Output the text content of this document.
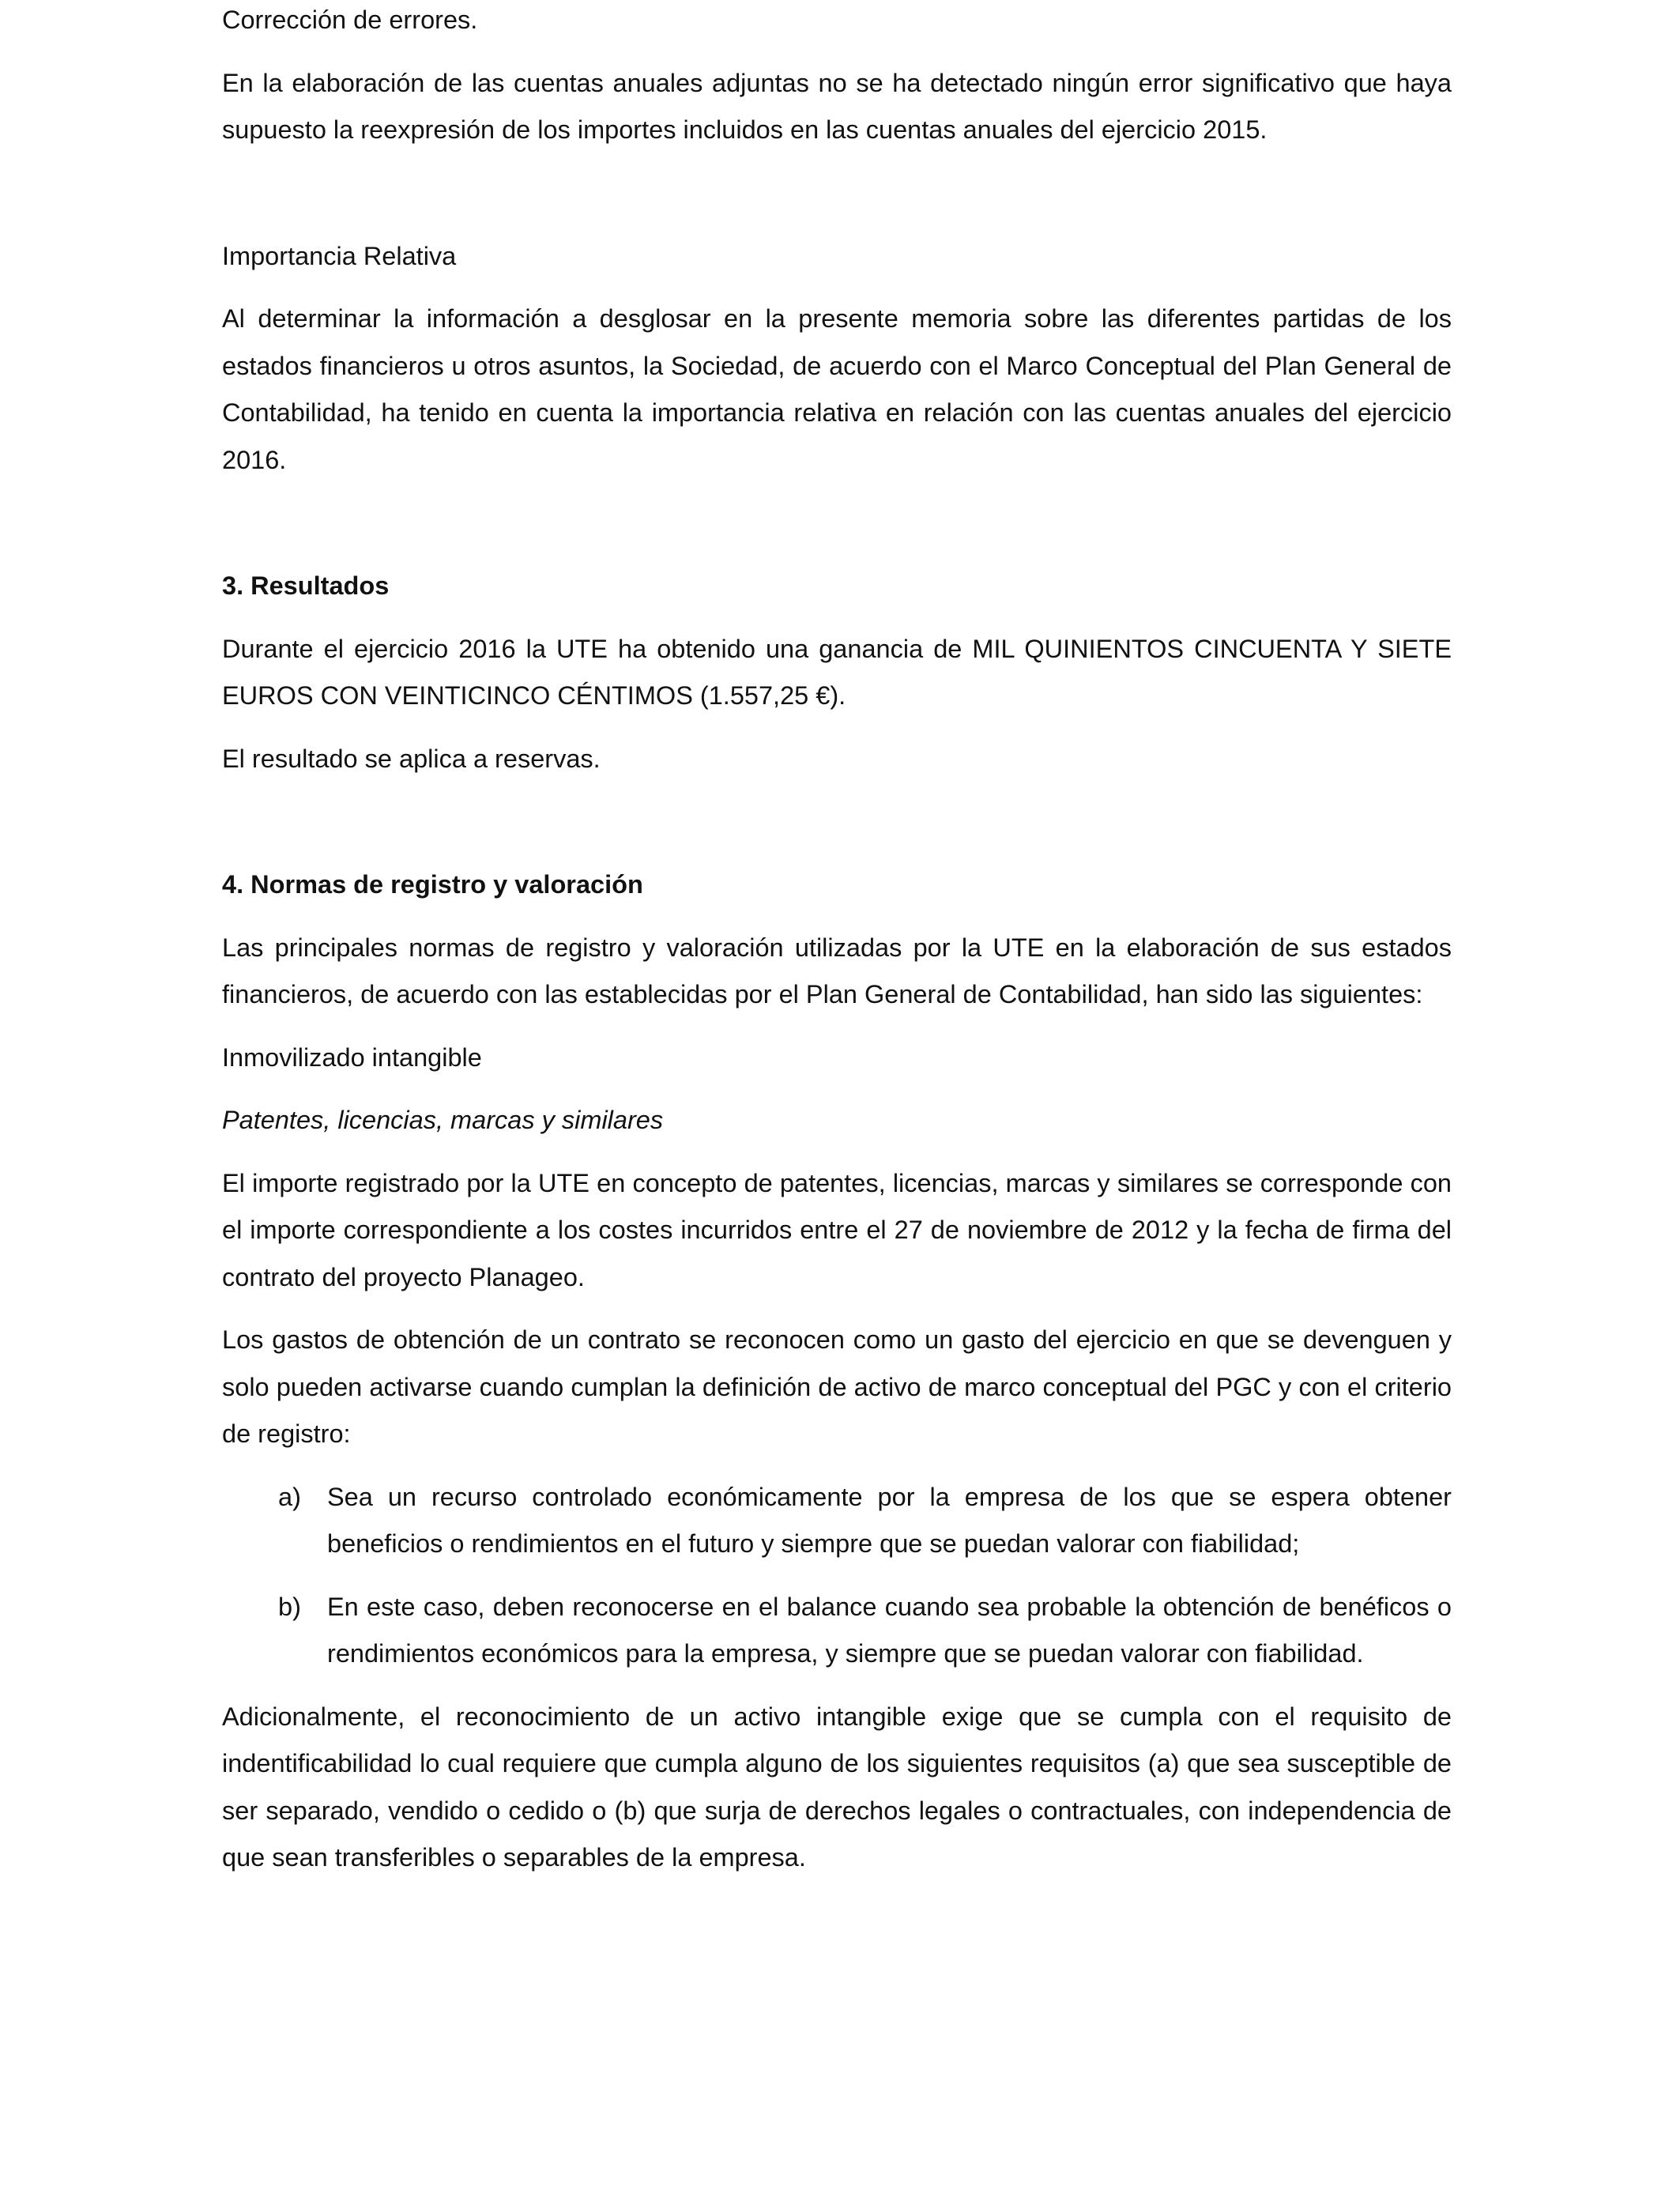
Corrección de errores.

En la elaboración de las cuentas anuales adjuntas no se ha detectado ningún error significativo que haya supuesto la reexpresión de los importes incluidos en las cuentas anuales del ejercicio 2015.

Importancia Relativa

Al determinar la información a desglosar en la presente memoria sobre las diferentes partidas de los estados financieros u otros asuntos, la Sociedad, de acuerdo con el Marco Conceptual del Plan General de Contabilidad, ha tenido en cuenta la importancia relativa en relación con las cuentas anuales del ejercicio 2016.

3. Resultados

Durante el ejercicio 2016 la UTE ha obtenido una ganancia de MIL QUINIENTOS CINCUENTA Y SIETE EUROS CON VEINTICINCO CÉNTIMOS (1.557,25 €).

El resultado se aplica a reservas.

4. Normas de registro y valoración

Las principales normas de registro y valoración utilizadas por la UTE en la elaboración de sus estados financieros, de acuerdo con las establecidas por el Plan General de Contabilidad, han sido las siguientes:

Inmovilizado intangible

Patentes, licencias, marcas y similares

El importe registrado por la UTE en concepto de patentes, licencias, marcas y similares se corresponde con el importe correspondiente a los costes incurridos entre el 27 de noviembre de 2012 y la fecha de firma del contrato del proyecto Planageo.

Los gastos de obtención de un contrato se reconocen como un gasto del ejercicio en que se devenguen y solo pueden activarse cuando cumplan la definición de activo de marco conceptual del PGC y con el criterio de registro:

a) Sea un recurso controlado económicamente por la empresa de los que se espera obtener beneficios o rendimientos en el futuro y siempre que se puedan valorar con fiabilidad;
b) En este caso, deben reconocerse en el balance cuando sea probable la obtención de benéficos o rendimientos económicos para la empresa, y siempre que se puedan valorar con fiabilidad.

Adicionalmente, el reconocimiento de un activo intangible exige que se cumpla con el requisito de indentificabilidad lo cual requiere que cumpla alguno de los siguientes requisitos (a) que sea susceptible de ser separado, vendido o cedido o (b) que surja de derechos legales o contractuales, con independencia de que sean transferibles o separables de la empresa.
